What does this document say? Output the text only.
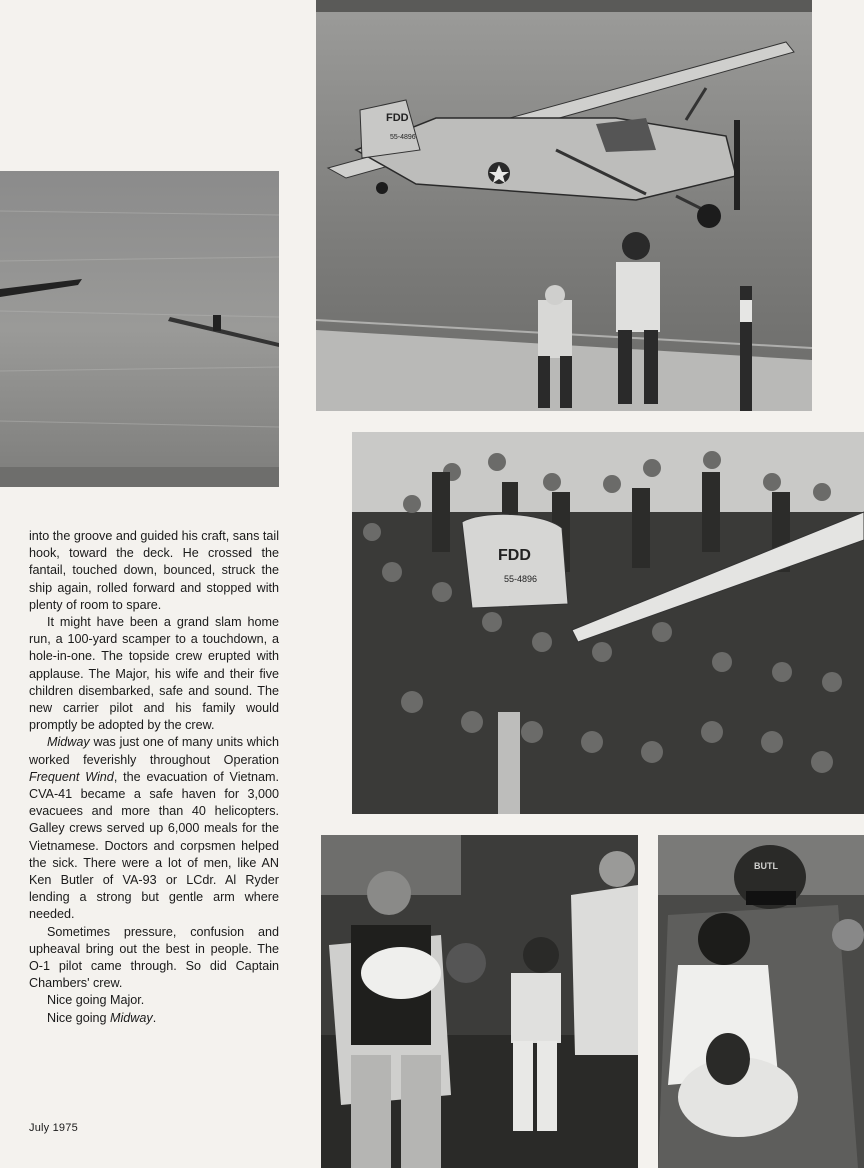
FDD
55-4896
FDD
55-4896
BUTL

into the groove and guided his craft, sans tail hook, toward the deck. He crossed the fantail, touched down, bounced, struck the ship again, rolled forward and stopped with plenty of room to spare.

It might have been a grand slam home run, a 100-yard scamper to a touchdown, a hole-in-one. The topside crew erupted with applause. The Major, his wife and their five children disembarked, safe and sound. The new carrier pilot and his family would promptly be adopted by the crew.

Midway was just one of many units which worked feverishly throughout Operation Frequent Wind, the evacuation of Vietnam. CVA-41 became a safe haven for 3,000 evacuees and more than 40 helicopters. Galley crews served up 6,000 meals for the Vietnamese. Doctors and corpsmen helped the sick. There were a lot of men, like AN Ken Butler of VA-93 or LCdr. Al Ryder lending a strong but gentle arm where needed.

Sometimes pressure, confusion and upheaval bring out the best in people. The O-1 pilot came through. So did Captain Chambers' crew.

Nice going Major.

Nice going Midway.

July 1975
